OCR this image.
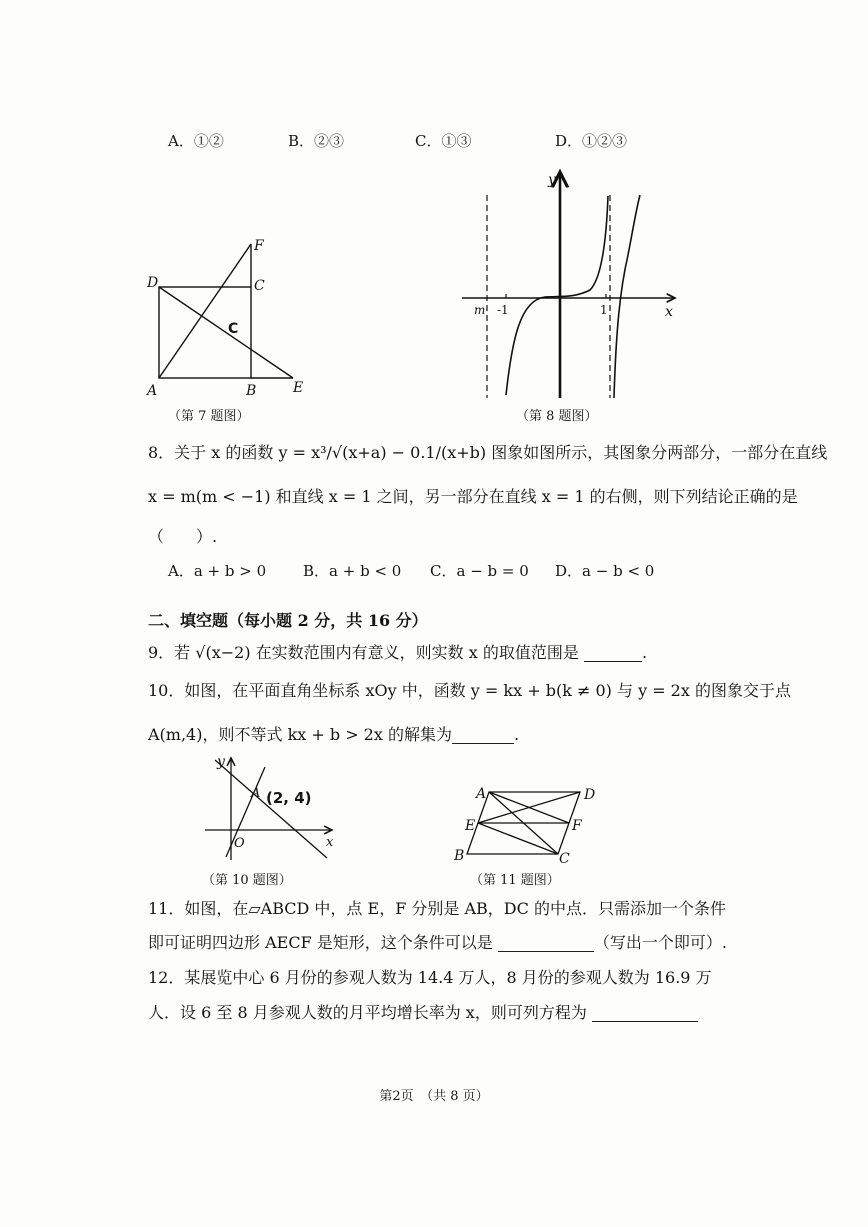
A．①②	B．②③	C．①③	D．①②③
D	C
F
A	B	E
C
（第 7 题图）
y
x
m -1	1
（第 8 题图）
8．关于 x 的函数 y = x³/√(x+a) − 0.1/(x+b) 图象如图所示，其图象分两部分，一部分在直线
x = m(m < −1) 和直线 x = 1 之间，另一部分在直线 x = 1 的右侧，则下列结论正确的是
（　　）.
A．a + b > 0 B．a + b < 0 C．a − b = 0 D．a − b < 0
二、填空题（每小题 2 分，共 16 分）
9．若 √(x−2) 在实数范围内有意义，则实数 x 的取值范围是	.
10．如图，在平面直角坐标系 xOy 中，函数 y = kx + b(k ≠ 0) 与 y = 2x 的图象交于点
A(m,4)，则不等式 kx + b > 2x 的解集为	.
y
x
O
A (2, 4)
（第 10 题图）
A	D
E	F
B	C
（第 11 题图）
11．如图，在▱ABCD 中，点 E，F 分别是 AB，DC 的中点．只需添加一个条件
即可证明四边形 AECF 是矩形，这个条件可以是	（写出一个即可）.
12．某展览中心 6 月份的参观人数为 14.4 万人，8 月份的参观人数为 16.9 万
人．设 6 至 8 月参观人数的月平均增长率为 x，则可列方程为
第2页　（共 8 页）
